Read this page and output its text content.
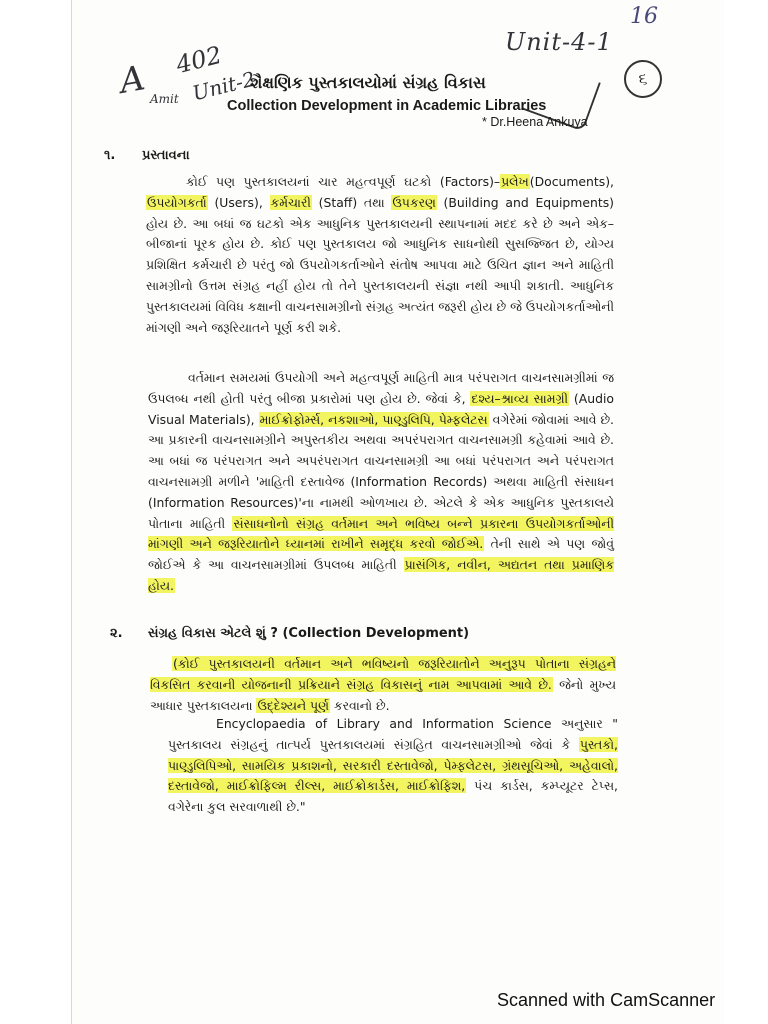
16
Unit-4-1
A Amit
402
Unit-2	૬
શૈક્ષણિક પુસ્તકાલયોમાં સંગ્રહ વિકાસ
Collection Development in Academic Libraries
* Dr.Heena Ankuya
૧. પ્રસ્તાવના
કોઈ પણ પુસ્તકાલયનાં ચાર મહત્વપૂર્ણ ઘટકો (Factors)–પ્રલેખ(Documents), ઉપયોગકર્તા (Users), કર્મચારી (Staff) તથા ઉપકરણ (Building and Equipments) હોય છે. આ બધાં જ ઘટકો એક આધુનિક પુસ્તકાલયની સ્થાપનામાં મદદ કરે છે અને એક–બીજાનાં પૂરક હોય છે. કોઈ પણ પુસ્તકાલય જો આધુનિક સાધનોથી સુસજ્જિત છે, યોગ્ય પ્રશિક્ષિત કર્મચારી છે પરંતુ જો ઉપયોગકર્તાઓને સંતોષ આપવા માટે ઉચિત જ્ઞાન અને માહિતી સામગ્રીનો ઉત્તમ સંગ્રહ નહીં હોય તો તેને પુસ્તકાલયની સંજ્ઞા નથી આપી શકાતી. આધુનિક પુસ્તકાલયમાં વિવિધ કક્ષાની વાચનસામગ્રીનો સંગ્રહ અત્યંત જરૂરી હોય છે જે ઉપયોગકર્તાઓની માંગણી અને જરૂરિયાતને પૂર્ણ કરી શકે.
વર્તમાન સમયમાં ઉપયોગી અને મહત્વપૂર્ણ માહિતી માત્ર પરંપરાગત વાચનસામગ્રીમાં જ ઉપલબ્ધ નથી હોતી પરંતુ બીજા પ્રકારોમાં પણ હોય છે. જેવાં કે, દશ્ય–શ્રાવ્ય સામગ્રી (Audio Visual Materials), માઈક્રોફોર્મ્સ, નકશાઓ, પાણ્ડુલિપિ, પેમ્ફલેટસ વગેરેમાં જોવામાં આવે છે. આ પ્રકારની વાચનસામગ્રીને અપુસ્તકીય અથવા અપરંપરાગત વાચનસામગ્રી કહેવામાં આવે છે. આ બધાં જ પરંપરાગત અને અપરંપરાગત વાચનસામગ્રી આ બધાં પરંપરાગત અને પરંપરાગત વાચનસામગ્રી મળીને 'માહિતી દસ્તાવેજ (Information Records) અથવા માહિતી સંસાધન (Information Resources)'ના નામથી ઓળખાય છે. એટલે કે એક આધુનિક પુસ્તકાલયે પોતાના માહિતી સંસાધનોનો સંગ્રહ વર્તમાન અને ભવિષ્ય બન્ને પ્રકારના ઉપયોગકર્તાઓની માંગણી અને જરૂરિયાતોને ધ્યાનમાં રાખીને સમૃદ્ધ કરવો જોઈએ. તેની સાથે એ પણ જોવું જોઈએ કે આ વાચનસામગ્રીમાં ઉપલબ્ધ માહિતી પ્રાસંગિક, નવીન, અદ્યતન તથા પ્રમાણિક હોય.
૨. સંગ્રહ વિકાસ એટલે શું ? (Collection Development)
(કોઈ પુસ્તકાલયની વર્તમાન અને ભવિષ્યનો જરૂરિયાતોને અનુરૂપ પોતાના સંગ્રહને વિકસિત કરવાની યોજનાની પ્રક્રિયાને સંગ્રહ વિકાસનું નામ આપવામાં આવે છે. જેનો મુખ્ય આધાર પુસ્તકાલયના ઉદ્દેશ્યને પૂર્ણ કરવાનો છે.
Encyclopaedia of Library and Information Science અનુસાર " પુસ્તકાલય સંગ્રહનું તાત્પર્ય પુસ્તકાલયમાં સંગ્રહિત વાચનસામગ્રીઓ જેવાં કે પુસ્તકો, પાણ્ડુલિપિઓ, સામયિક પ્રકાશનો, સરકારી દસ્તાવેજો, પેમ્ફલેટસ, ગ્રંથસૂચિઓ, અહેવાલો, દસ્તાવેજો, માઈક્રોફિલ્મ રીલ્સ, માઈક્રોકાર્ડસ, માઈક્રોફિશ, પંચ કાર્ડસ, કમ્પ્યૂટર ટેપ્સ, વગેરેના કુલ સરવાળાથી છે."
Scanned with CamScanner
